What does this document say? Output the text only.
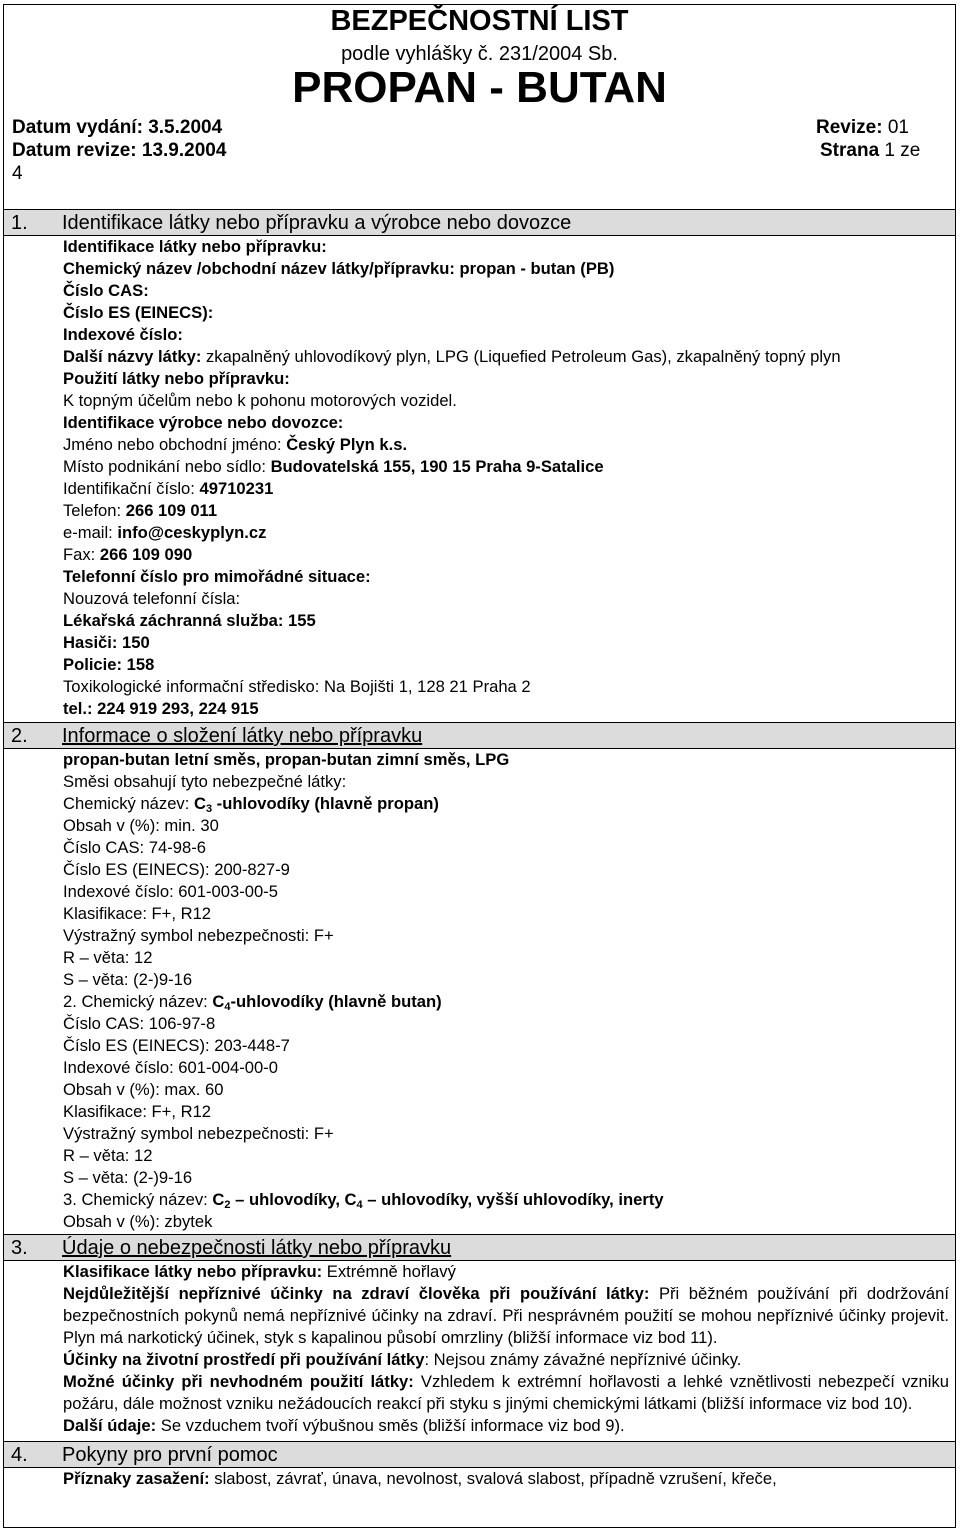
BEZPEČNOSTNÍ LIST
podle vyhlášky č. 231/2004 Sb.
PROPAN - BUTAN
Datum vydání: 3.5.2004
Datum revize: 13.9.2004
4
Revize: 01
Strana 1 ze
1. Identifikace látky nebo přípravku a výrobce nebo dovozce
Identifikace látky nebo přípravku:
Chemický název /obchodní název látky/přípravku: propan - butan (PB)
Číslo CAS:
Číslo ES (EINECS):
Indexové číslo:
Další názvy látky: zkapalněný uhlovodíkový plyn, LPG (Liquefied Petroleum Gas), zkapalněný topný plyn
Použití látky nebo přípravku:
K topným účelům nebo k pohonu motorových vozidel.
Identifikace výrobce nebo dovozce:
Jméno nebo obchodní jméno: Český Plyn k.s.
Místo podnikání nebo sídlo: Budovatelská 155, 190 15 Praha 9-Satalice
Identifikační číslo: 49710231
Telefon: 266 109 011
e-mail: info@ceskyplyn.cz
Fax: 266 109 090
Telefonní číslo pro mimořádné situace:
Nouzová telefonní čísla:
Lékařská záchranná služba: 155
Hasiči: 150
Policie: 158
Toxikologické informační středisko: Na Bojišti 1, 128 21 Praha 2
tel.: 224 919 293, 224 915
2. Informace o složení látky nebo přípravku
propan-butan letní směs, propan-butan zimní směs, LPG
Směsi obsahují tyto nebezpečné látky:
Chemický název: $C_3$ -uhlovodíky (hlavně propan)
Obsah v (%): min. 30
Číslo CAS: 74-98-6
Číslo ES (EINECS): 200-827-9
Indexové číslo: 601-003-00-5
Klasifikace: F+, R12
Výstražný symbol nebezpečnosti: F+
R – věta: 12
S – věta: (2-)9-16
2. Chemický název: $C_4$-uhlovodíky (hlavně butan)
Číslo CAS: 106-97-8
Číslo ES (EINECS): 203-448-7
Indexové číslo: 601-004-00-0
Obsah v (%): max. 60
Klasifikace: F+, R12
Výstražný symbol nebezpečnosti: F+
R – věta: 12
S – věta: (2-)9-16
3. Chemický název: $C_2$ – uhlovodíky, $C_4$ – uhlovodíky, vyšší uhlovodíky, inerty
Obsah v (%): zbytek
3. Údaje o nebezpečnosti látky nebo přípravku
Klasifikace látky nebo přípravku: Extrémně hořlavý
Nejdůležitější nepříznivé účinky na zdraví člověka při používání látky: Při běžném používání při dodržování bezpečnostních pokynů nemá nepříznivé účinky na zdraví. Při nesprávném použití se mohou nepříznivé účinky projevit. Plyn má narkotický účinek, styk s kapalinou působí omrzliny (bližší informace viz bod 11).
Účinky na životní prostředí při používání látky: Nejsou známy závažné nepříznivé účinky.
Možné účinky při nevhodném použití látky: Vzhledem k extrémní hořlavosti a lehké vznětlivosti nebezpečí vzniku požáru, dále možnost vzniku nežádoucích reakcí při styku s jinými chemickými látkami (bližší informace viz bod 10).
Další údaje: Se vzduchem tvoří výbušnou směs (bližší informace viz bod 9).
4. Pokyny pro první pomoc
Příznaky zasažení: slabost, závrať, únava, nevolnost, svalová slabost, případně vzrušení, křeče,
